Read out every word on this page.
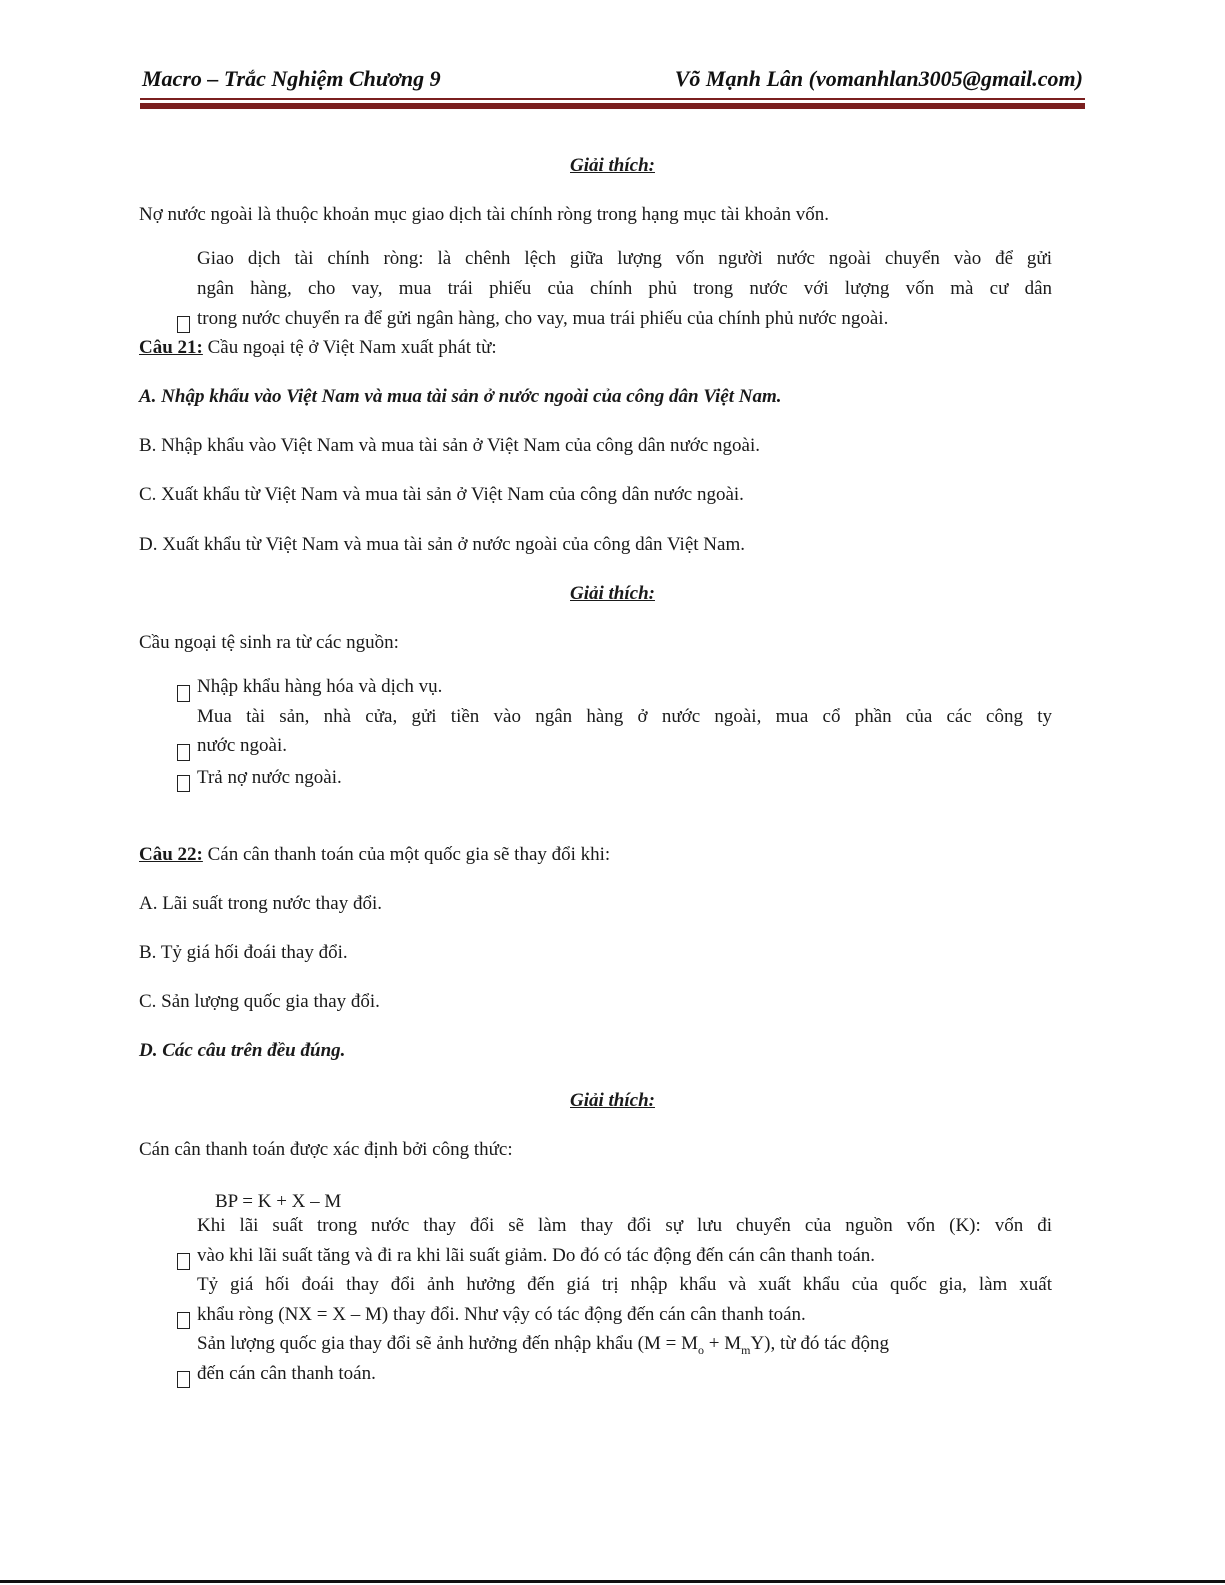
Macro – Trắc Nghiệm Chương 9	Võ Mạnh Lân (vomanhlan3005@gmail.com)
Giải thích:
Nợ nước ngoài là thuộc khoản mục giao dịch tài chính ròng trong hạng mục tài khoản vốn.
Giao dịch tài chính ròng: là chênh lệch giữa lượng vốn người nước ngoài chuyển vào để gửi
ngân hàng, cho vay, mua trái phiếu của chính phủ trong nước với lượng vốn mà cư dân
trong nước chuyển ra để gửi ngân hàng, cho vay, mua trái phiếu của chính phủ nước ngoài.
Câu 21: Cầu ngoại tệ ở Việt Nam xuất phát từ:
A. Nhập khẩu vào Việt Nam và mua tài sản ở nước ngoài của công dân Việt Nam.
B. Nhập khẩu vào Việt Nam và mua tài sản ở Việt Nam của công dân nước ngoài.
C. Xuất khẩu từ Việt Nam và mua tài sản ở Việt Nam của công dân nước ngoài.
D. Xuất khẩu từ Việt Nam và mua tài sản ở nước ngoài của công dân Việt Nam.
Giải thích:
Cầu ngoại tệ sinh ra từ các nguồn:
Nhập khẩu hàng hóa và dịch vụ.
Mua tài sản, nhà cửa, gửi tiền vào ngân hàng ở nước ngoài, mua cổ phần của các công ty
nước ngoài.
Trả nợ nước ngoài.
Câu 22: Cán cân thanh toán của một quốc gia sẽ thay đổi khi:
A. Lãi suất trong nước thay đổi.
B. Tỷ giá hối đoái thay đổi.
C. Sản lượng quốc gia thay đổi.
D. Các câu trên đều đúng.
Giải thích:
Cán cân thanh toán được xác định bởi công thức:
BP = K + X – M
Khi lãi suất trong nước thay đổi sẽ làm thay đổi sự lưu chuyển của nguồn vốn (K): vốn đi
vào khi lãi suất tăng và đi ra khi lãi suất giảm. Do đó có tác động đến cán cân thanh toán.
Tỷ giá hối đoái thay đổi ảnh hưởng đến giá trị nhập khẩu và xuất khẩu của quốc gia, làm xuất
khẩu ròng (NX = X – M) thay đổi. Như vậy có tác động đến cán cân thanh toán.
Sản lượng quốc gia thay đổi sẽ ảnh hưởng đến nhập khẩu $(M = M_o + M_mY)$, từ đó tác động
đến cán cân thanh toán.
